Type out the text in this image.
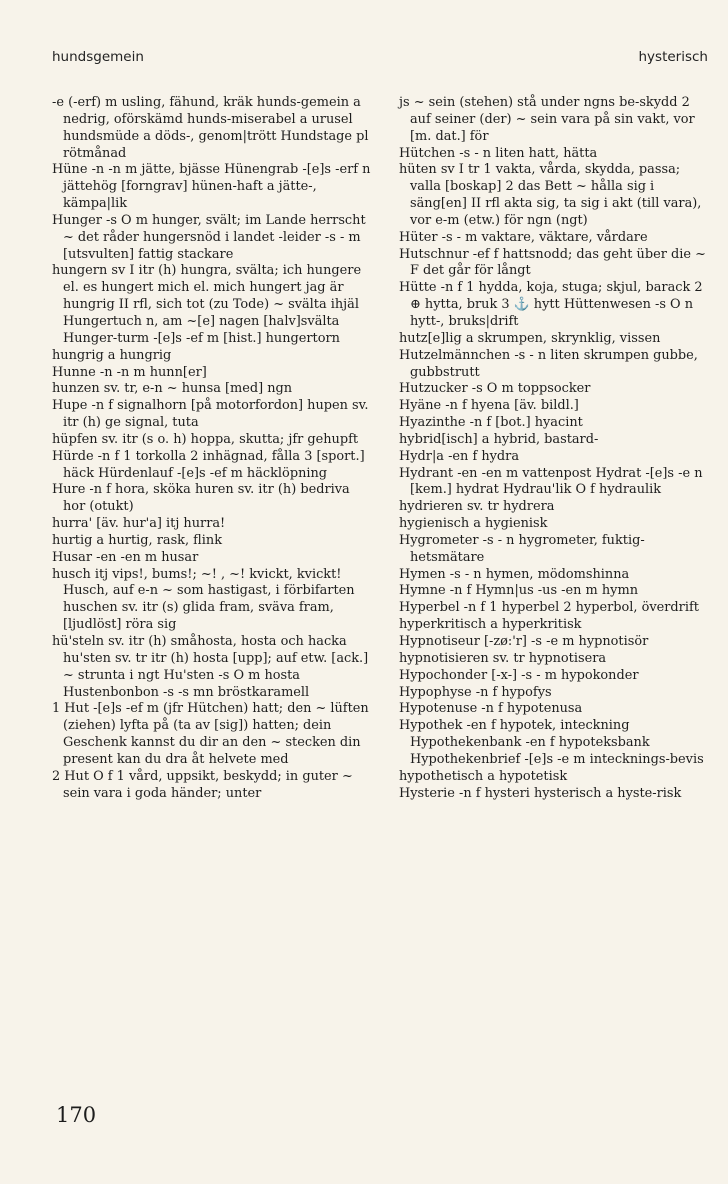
hundsgemein	hysterisch

-e (-erf) m usling, fähund, kräk hunds-gemein a nedrig, oförskämd hunds-miserabel a urusel hundsmüde a döds-, genom|trött Hundstage pl rötmånad

Hüne -n -n m jätte, bjässe Hünengrab -[e]s -erf n jättehög [forngrav] hünen-haft a jätte-, kämpa|lik

Hunger -s O m hunger, svält; im Lande herrscht ~ det råder hungersnöd i landet -leider -s - m [utsvulten] fattig stackare

hungern sv I itr (h) hungra, svälta; ich hungere el. es hungert mich el. mich hungert jag är hungrig II rfl, sich tot (zu Tode) ~ svälta ihjäl Hungertuch n, am ~[e] nagen [halv]svälta Hunger-turm -[e]s -ef m [hist.] hungertorn

hungrig a hungrig

Hunne -n -n m hunn[er]

hunzen sv. tr, e-n ~ hunsa [med] ngn

Hupe -n f signalhorn [på motorfordon] hupen sv. itr (h) ge signal, tuta

hüpfen sv. itr (s o. h) hoppa, skutta; jfr gehupft

Hürde -n f 1 torkolla 2 inhägnad, fålla 3 [sport.] häck Hürdenlauf -[e]s -ef m häcklöpning

Hure -n f hora, sköka huren sv. itr (h) bedriva hor (otukt)

hurra' [äv. hur'a] itj hurra!

hurtig a hurtig, rask, flink

Husar -en -en m husar

husch itj vips!, bums!; ~! , ~! kvickt, kvickt! Husch, auf e-n ~ som hastigast, i förbifarten huschen sv. itr (s) glida fram, sväva fram, [ljudlöst] röra sig

hü'steln sv. itr (h) småhosta, hosta och hacka hu'sten sv. tr itr (h) hosta [upp]; auf etw. [ack.] ~ strunta i ngt Hu'sten -s O m hosta Hustenbonbon -s -s mn bröstkaramell

1 Hut -[e]s -ef m (jfr Hütchen) hatt; den ~ lüften (ziehen) lyfta på (ta av [sig]) hatten; dein Geschenk kannst du dir an den ~ stecken din present kan du dra åt helvete med

2 Hut O f 1 vård, uppsikt, beskydd; in guter ~ sein vara i goda händer; unter

js ~ sein (stehen) stå under ngns be-skydd 2 auf seiner (der) ~ sein vara på sin vakt, vor [m. dat.] för

Hütchen -s - n liten hatt, hätta

hüten sv I tr 1 vakta, vårda, skydda, passa; valla [boskap] 2 das Bett ~ hålla sig i säng[en] II rfl akta sig, ta sig i akt (till vara), vor e-m (etw.) för ngn (ngt)

Hüter -s - m vaktare, väktare, vårdare

Hutschnur -ef f hattsnodd; das geht über die ~ F det går för långt

Hütte -n f 1 hydda, koja, stuga; skjul, barack 2 ⊕ hytta, bruk 3 ⚓ hytt Hüttenwesen -s O n hytt-, bruks|drift

hutz[e]lig a skrumpen, skrynklig, vissen

Hutzelmännchen -s - n liten skrumpen gubbe, gubbstrutt

Hutzucker -s O m toppsocker

Hyäne -n f hyena [äv. bildl.]

Hyazinthe -n f [bot.] hyacint

hybrid[isch] a hybrid, bastard-

Hydr|a -en f hydra

Hydrant -en -en m vattenpost Hydrat -[e]s -e n [kem.] hydrat Hydrau'lik O f hydraulik

hydrieren sv. tr hydrera

hygienisch a hygienisk

Hygrometer -s - n hygrometer, fuktig-hetsmätare

Hymen -s - n hymen, mödomshinna

Hymne -n f Hymn|us -us -en m hymn

Hyperbel -n f 1 hyperbel 2 hyperbol, överdrift

hyperkritisch a hyperkritisk

Hypnotiseur [-zø:'r] -s -e m hypnotisör

hypnotisieren sv. tr hypnotisera

Hypochonder [-x-] -s - m hypokonder

Hypophyse -n f hypofys

Hypotenuse -n f hypotenusa

Hypothek -en f hypotek, inteckning Hypothekenbank -en f hypoteksbank Hypothekenbrief -[e]s -e m intecknings-bevis

hypothetisch a hypotetisk

Hysterie -n f hysteri hysterisch a hyste-risk

170
